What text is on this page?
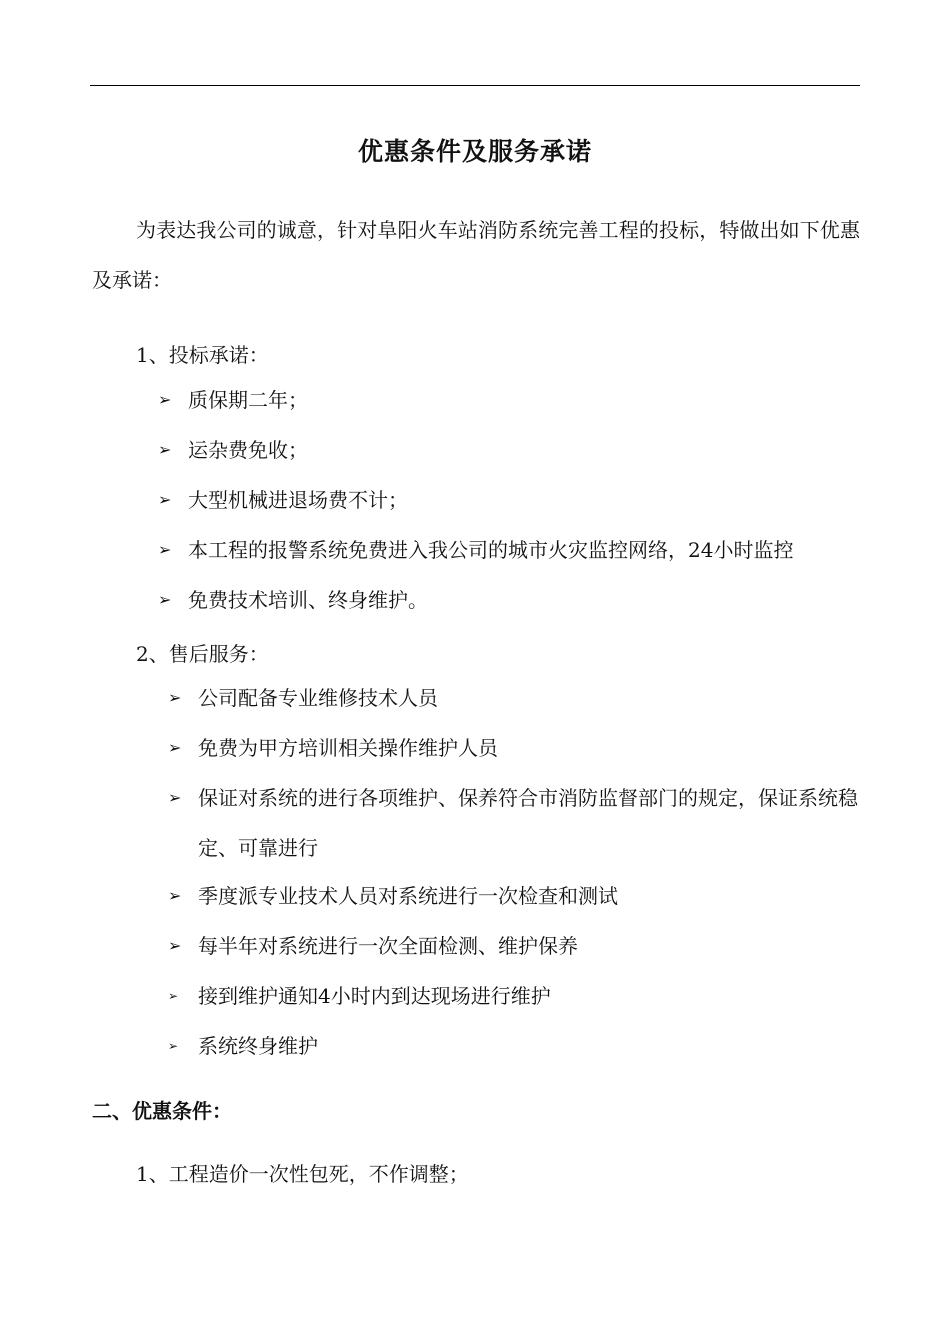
优惠条件及服务承诺
为表达我公司的诚意，针对阜阳火车站消防系统完善工程的投标，特做出如下优惠及承诺：
1、投标承诺：
➢ 质保期二年；
➢ 运杂费免收；
➢ 大型机械进退场费不计；
➢ 本工程的报警系统免费进入我公司的城市火灾监控网络，24小时监控
➢ 免费技术培训、终身维护。
2、售后服务：
➢ 公司配备专业维修技术人员
➢ 免费为甲方培训相关操作维护人员
➢ 保证对系统的进行各项维护、保养符合市消防监督部门的规定，保证系统稳定、可靠进行
➢ 季度派专业技术人员对系统进行一次检查和测试
➢ 每半年对系统进行一次全面检测、维护保养
➢ 接到维护通知4小时内到达现场进行维护
➢ 系统终身维护
二、优惠条件：
1、工程造价一次性包死，不作调整；
